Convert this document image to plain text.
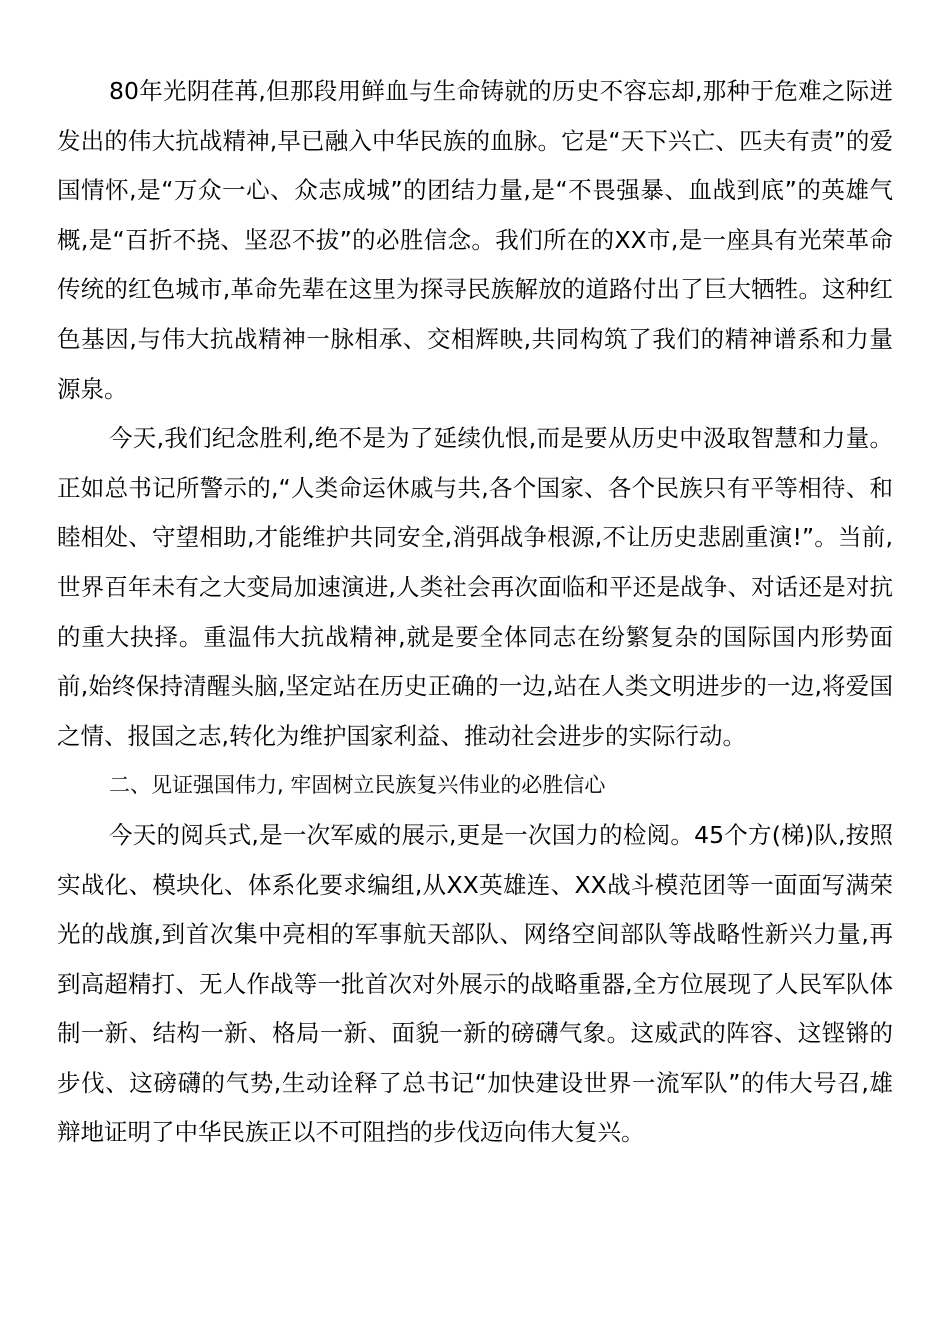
80年光阴荏苒,但那段用鲜血与生命铸就的历史不容忘却,那种于危难之际迸发出的伟大抗战精神,早已融入中华民族的血脉。它是“天下兴亡、匹夫有责”的爱国情怀,是“万众一心、众志成城”的团结力量,是“不畏强暴、血战到底”的英雄气概,是“百折不挠、坚忍不拔”的必胜信念。我们所在的XX市,是一座具有光荣革命传统的红色城市,革命先辈在这里为探寻民族解放的道路付出了巨大牺牲。这种红色基因,与伟大抗战精神一脉相承、交相辉映,共同构筑了我们的精神谱系和力量源泉。

今天,我们纪念胜利,绝不是为了延续仇恨,而是要从历史中汲取智慧和力量。正如总书记所警示的,“人类命运休戚与共,各个国家、各个民族只有平等相待、和睦相处、守望相助,才能维护共同安全,消弭战争根源,不让历史悲剧重演!”。当前,世界百年未有之大变局加速演进,人类社会再次面临和平还是战争、对话还是对抗的重大抉择。重温伟大抗战精神,就是要全体同志在纷繁复杂的国际国内形势面前,始终保持清醒头脑,坚定站在历史正确的一边,站在人类文明进步的一边,将爱国之情、报国之志,转化为维护国家利益、推动社会进步的实际行动。

二、见证强国伟力, 牢固树立民族复兴伟业的必胜信心

今天的阅兵式,是一次军威的展示,更是一次国力的检阅。45个方(梯)队,按照实战化、模块化、体系化要求编组,从XX英雄连、XX战斗模范团等一面面写满荣光的战旗,到首次集中亮相的军事航天部队、网络空间部队等战略性新兴力量,再到高超精打、无人作战等一批首次对外展示的战略重器,全方位展现了人民军队体制一新、结构一新、格局一新、面貌一新的磅礴气象。这威武的阵容、这铿锵的步伐、这磅礴的气势,生动诠释了总书记“加快建设世界一流军队”的伟大号召,雄辩地证明了中华民族正以不可阻挡的步伐迈向伟大复兴。
